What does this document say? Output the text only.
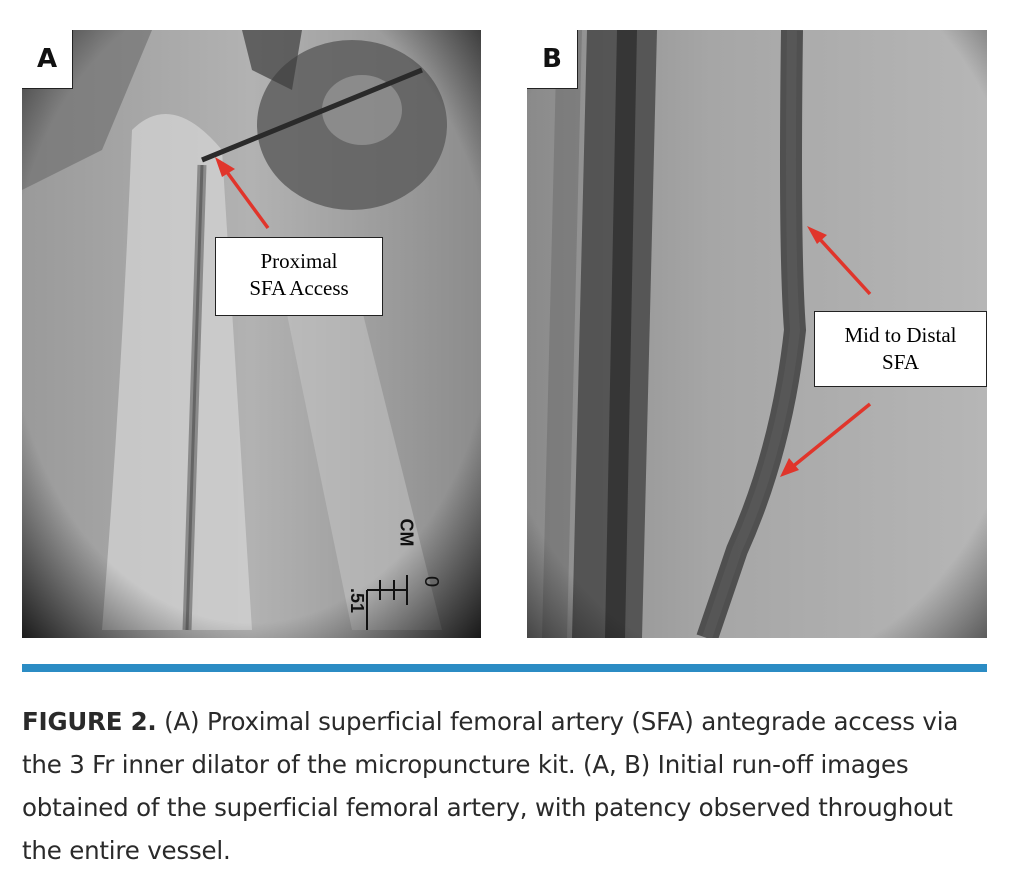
A
Proximal
SFA Access
CM
0
.51
B
Mid to Distal
SFA
FIGURE 2. (A) Proximal superficial femoral artery (SFA) antegrade access via
the 3 Fr inner dilator of the micropuncture kit. (A, B) Initial run-off images
obtained of the superficial femoral artery, with patency observed throughout
the entire vessel.
